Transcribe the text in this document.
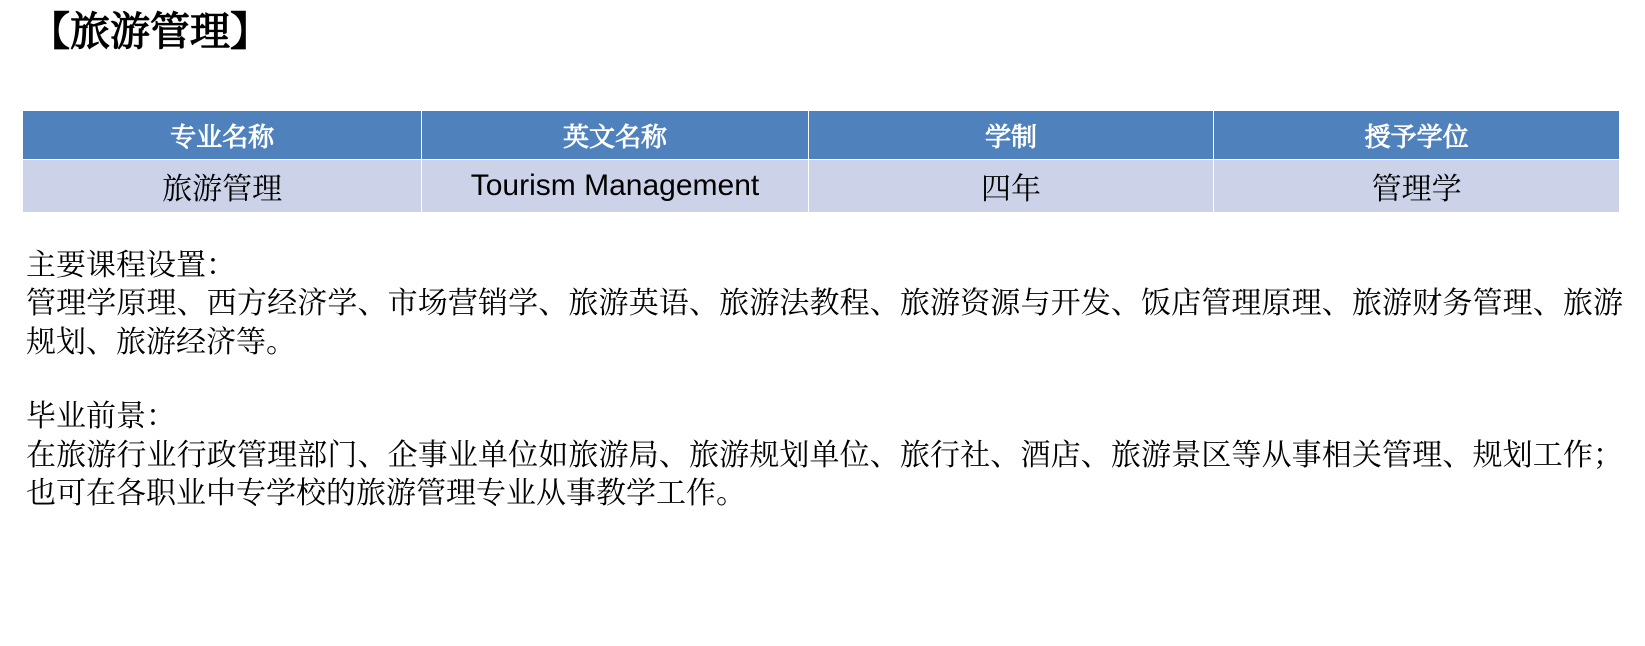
【旅游管理】
专业名称	英文名称	学制	授予学位
旅游管理	Tourism Management	四年	管理学
主要课程设置：
管理学原理、西方经济学、市场营销学、旅游英语、旅游法教程、旅游资源与开发、饭店管理原理、旅游财务管理、旅游规划、旅游经济等。
毕业前景：
在旅游行业行政管理部门、企事业单位如旅游局、旅游规划单位、旅行社、酒店、旅游景区等从事相关管理、规划工作；也可在各职业中专学校的旅游管理专业从事教学工作。
